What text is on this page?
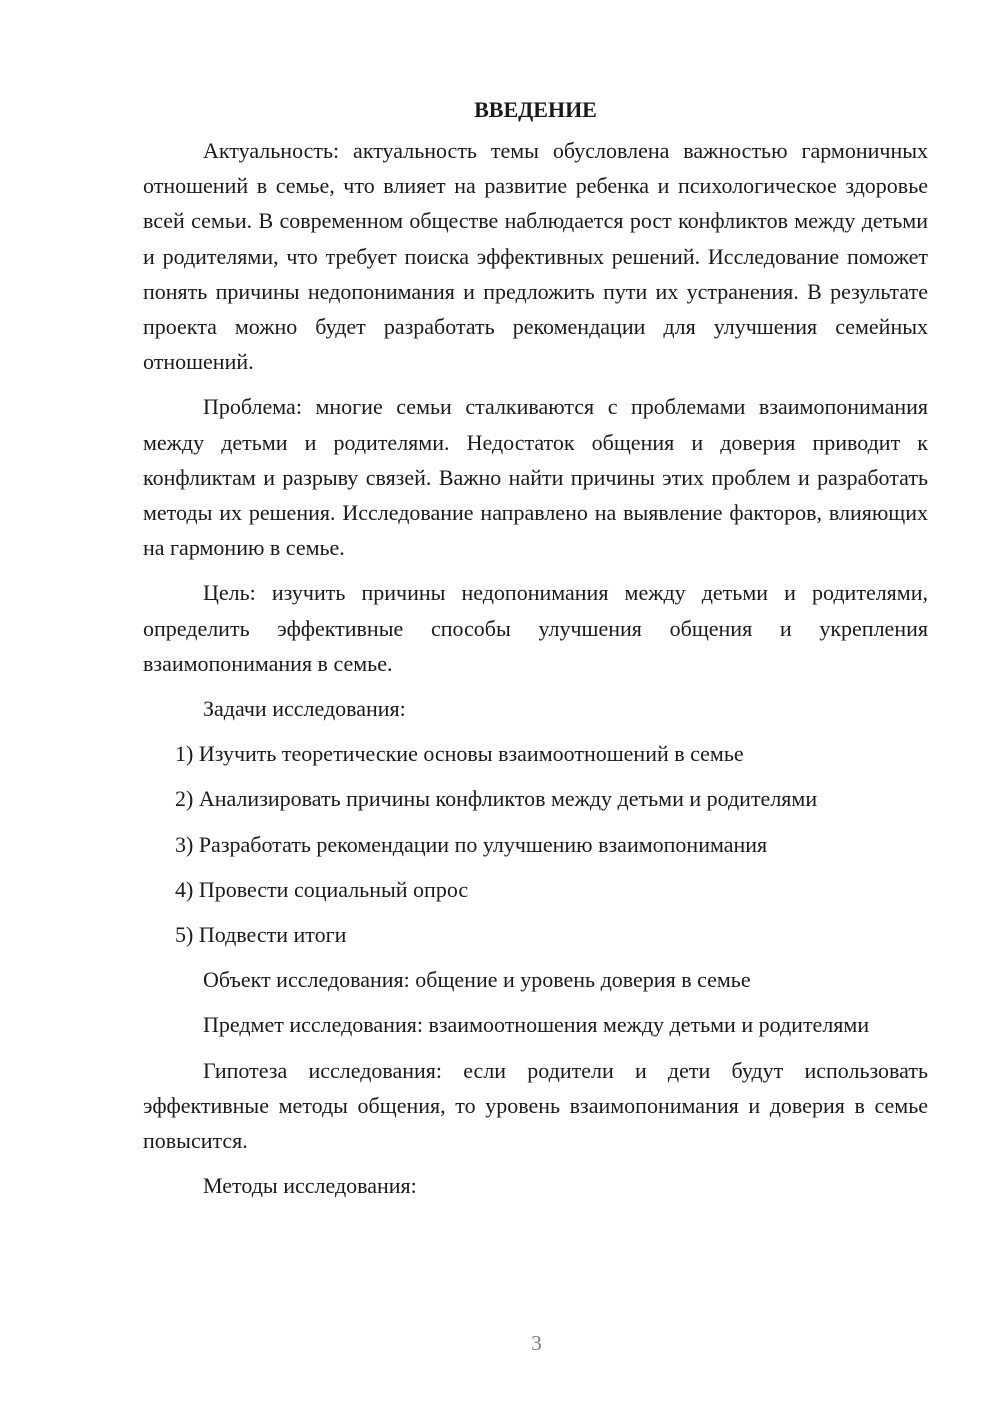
ВВЕДЕНИЕ

Актуальность: актуальность темы обусловлена важностью гармоничных отношений в семье, что влияет на развитие ребенка и психологическое здоровье всей семьи. В современном обществе наблюдается рост конфликтов между детьми и родителями, что требует поиска эффективных решений. Исследование поможет понять причины недопонимания и предложить пути их устранения. В результате проекта можно будет разработать рекомендации для улучшения семейных отношений.

Проблема: многие семьи сталкиваются с проблемами взаимопонимания между детьми и родителями. Недостаток общения и доверия приводит к конфликтам и разрыву связей. Важно найти причины этих проблем и разработать методы их решения. Исследование направлено на выявление факторов, влияющих на гармонию в семье.

Цель: изучить причины недопонимания между детьми и родителями, определить эффективные способы улучшения общения и укрепления взаимопонимания в семье.

Задачи исследования:

1) Изучить теоретические основы взаимоотношений в семье
2) Анализировать причины конфликтов между детьми и родителями
3) Разработать рекомендации по улучшению взаимопонимания
4) Провести социальный опрос
5) Подвести итоги

Объект исследования: общение и уровень доверия в семье

Предмет исследования: взаимоотношения между детьми и родителями

Гипотеза исследования: если родители и дети будут использовать эффективные методы общения, то уровень взаимопонимания и доверия в семье повысится.

Методы исследования:

3
